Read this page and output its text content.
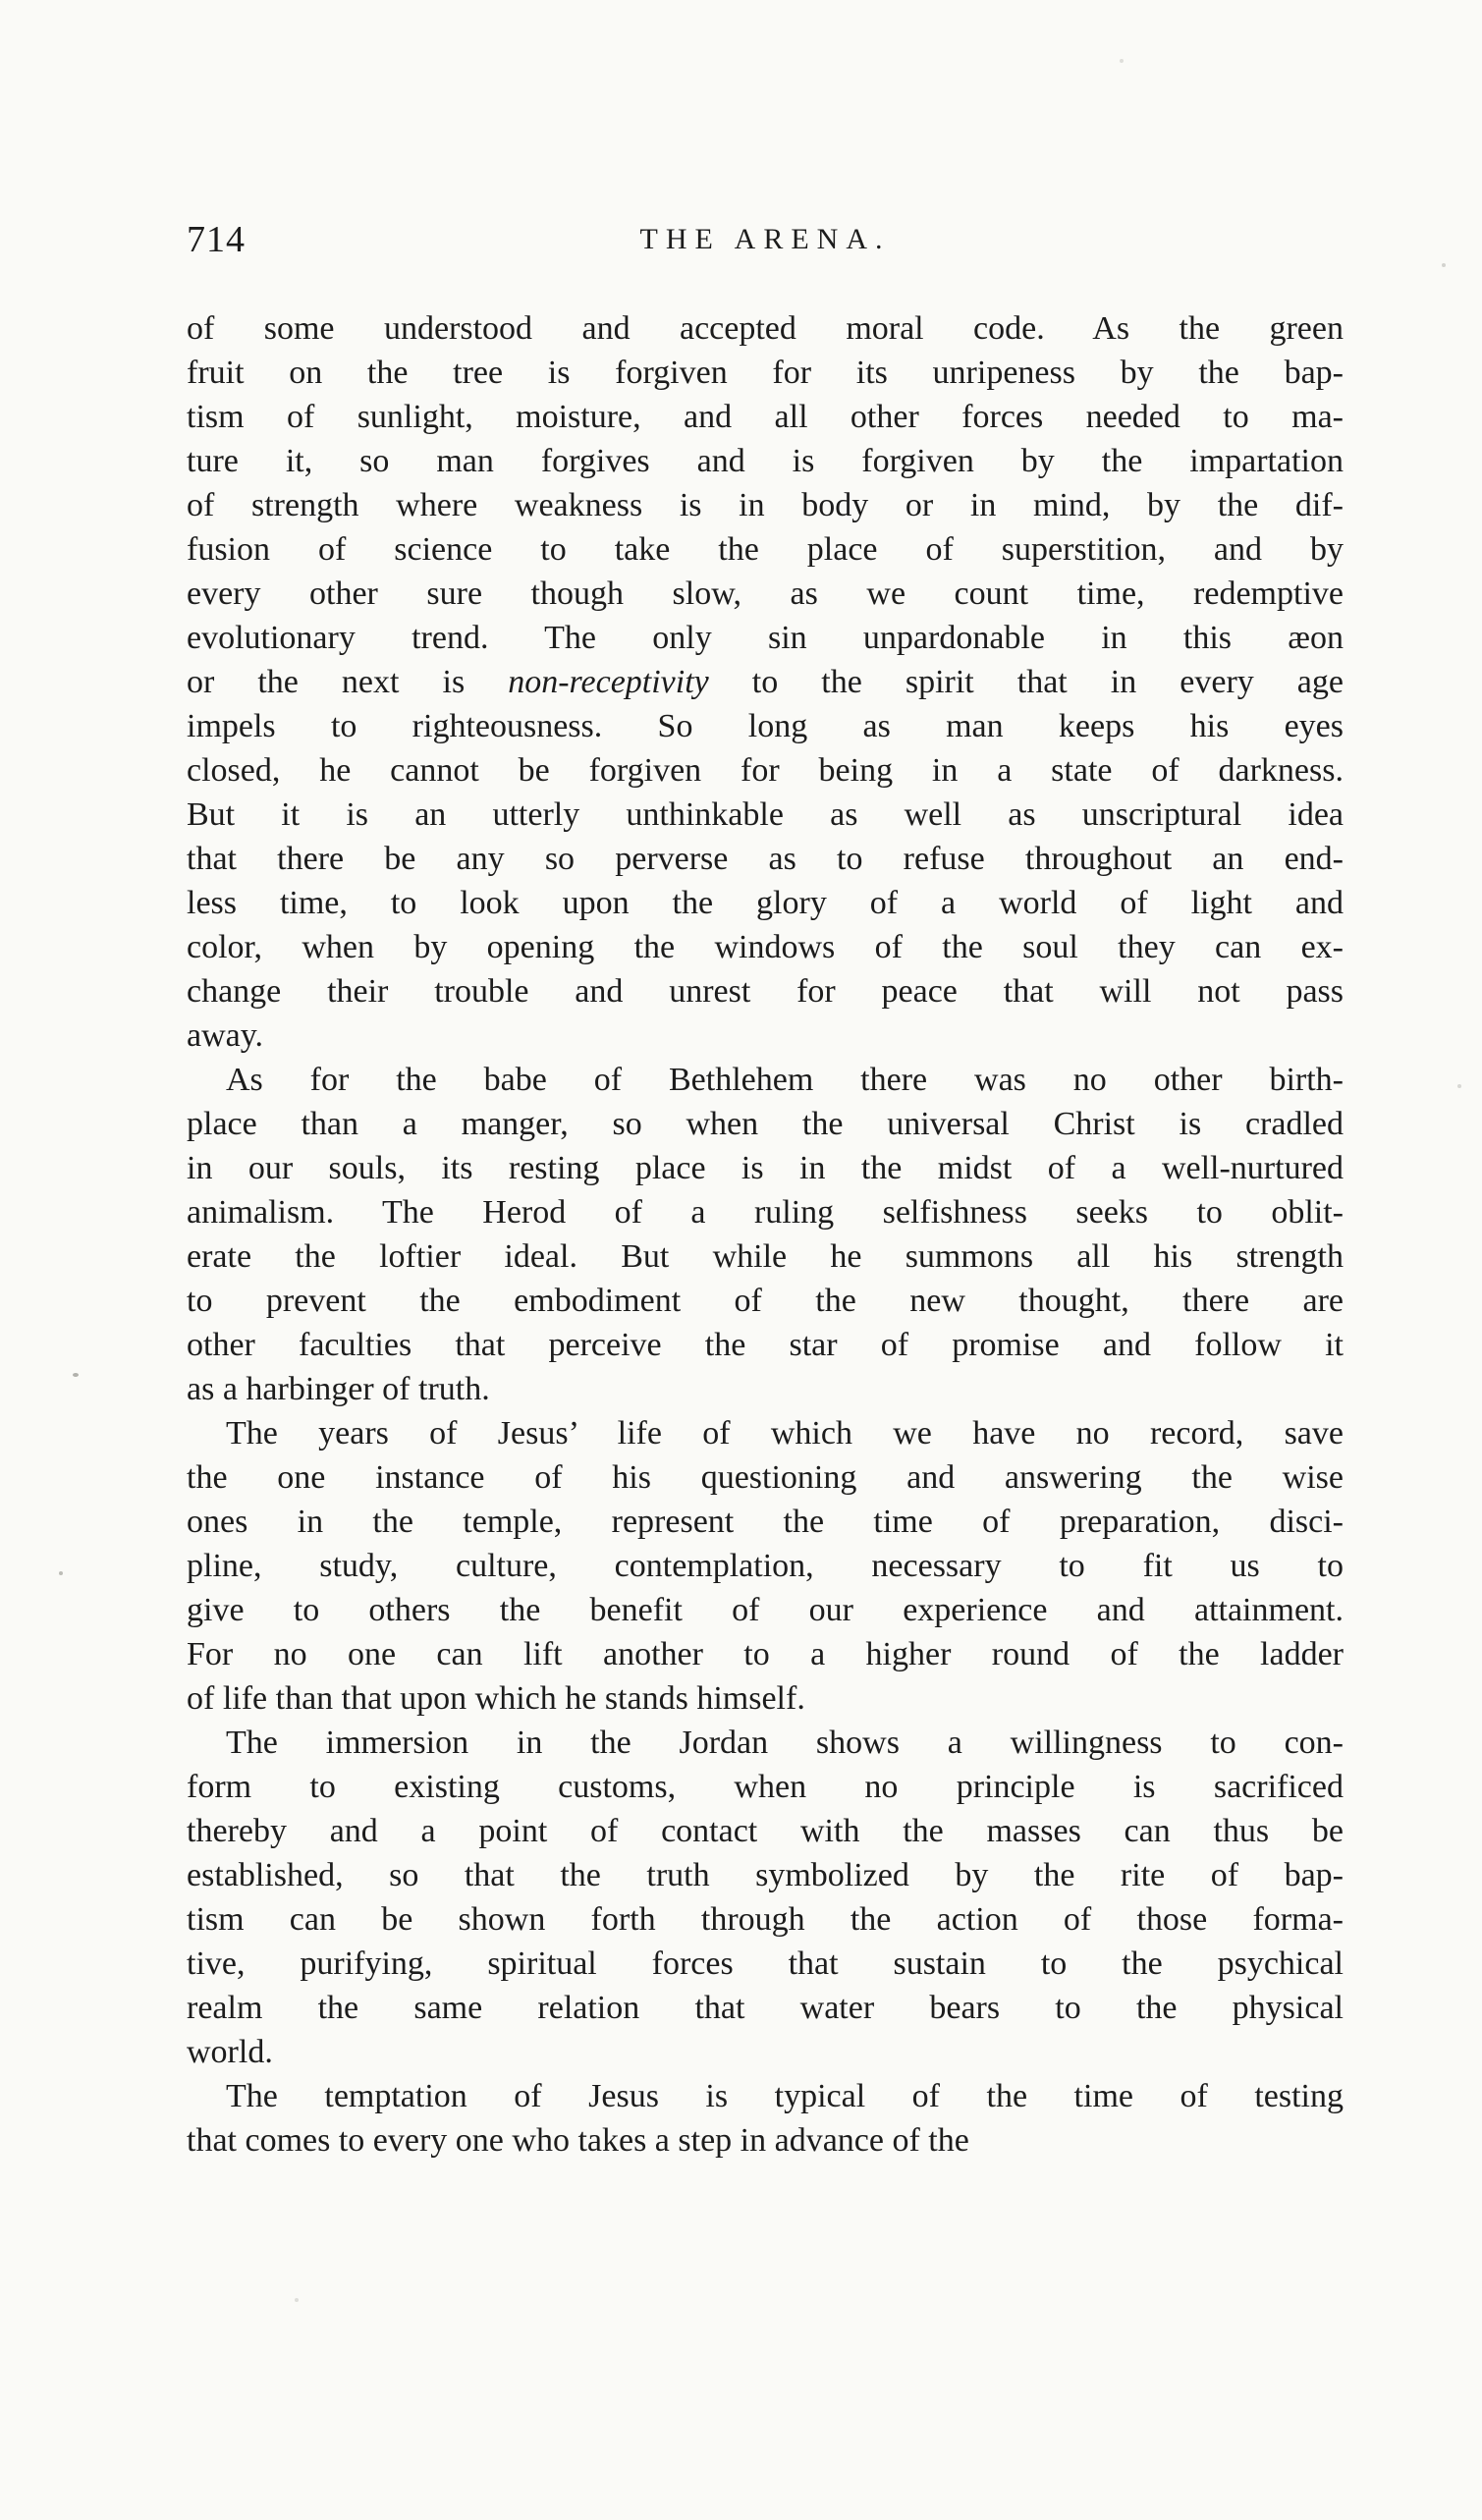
714	THE ARENA.
of some understood and accepted moral code. As the green
fruit on the tree is forgiven for its unripeness by the bap-
tism of sunlight, moisture, and all other forces needed to ma-
ture it, so man forgives and is forgiven by the impartation
of strength where weakness is in body or in mind, by the dif-
fusion of science to take the place of superstition, and by
every other sure though slow, as we count time, redemptive
evolutionary trend. The only sin unpardonable in this æon
or the next is non-receptivity to the spirit that in every age
impels to righteousness. So long as man keeps his eyes
closed, he cannot be forgiven for being in a state of darkness.
But it is an utterly unthinkable as well as unscriptural idea
that there be any so perverse as to refuse throughout an end-
less time, to look upon the glory of a world of light and
color, when by opening the windows of the soul they can ex-
change their trouble and unrest for peace that will not pass
away.
As for the babe of Bethlehem there was no other birth-
place than a manger, so when the universal Christ is cradled
in our souls, its resting place is in the midst of a well-nurtured
animalism. The Herod of a ruling selfishness seeks to oblit-
erate the loftier ideal. But while he summons all his strength
to prevent the embodiment of the new thought, there are
other faculties that perceive the star of promise and follow it
as a harbinger of truth.
The years of Jesus’ life of which we have no record, save
the one instance of his questioning and answering the wise
ones in the temple, represent the time of preparation, disci-
pline, study, culture, contemplation, necessary to fit us to
give to others the benefit of our experience and attainment.
For no one can lift another to a higher round of the ladder
of life than that upon which he stands himself.
The immersion in the Jordan shows a willingness to con-
form to existing customs, when no principle is sacrificed
thereby and a point of contact with the masses can thus be
established, so that the truth symbolized by the rite of bap-
tism can be shown forth through the action of those forma-
tive, purifying, spiritual forces that sustain to the psychical
realm the same relation that water bears to the physical
world.
The temptation of Jesus is typical of the time of testing
that comes to every one who takes a step in advance of the
